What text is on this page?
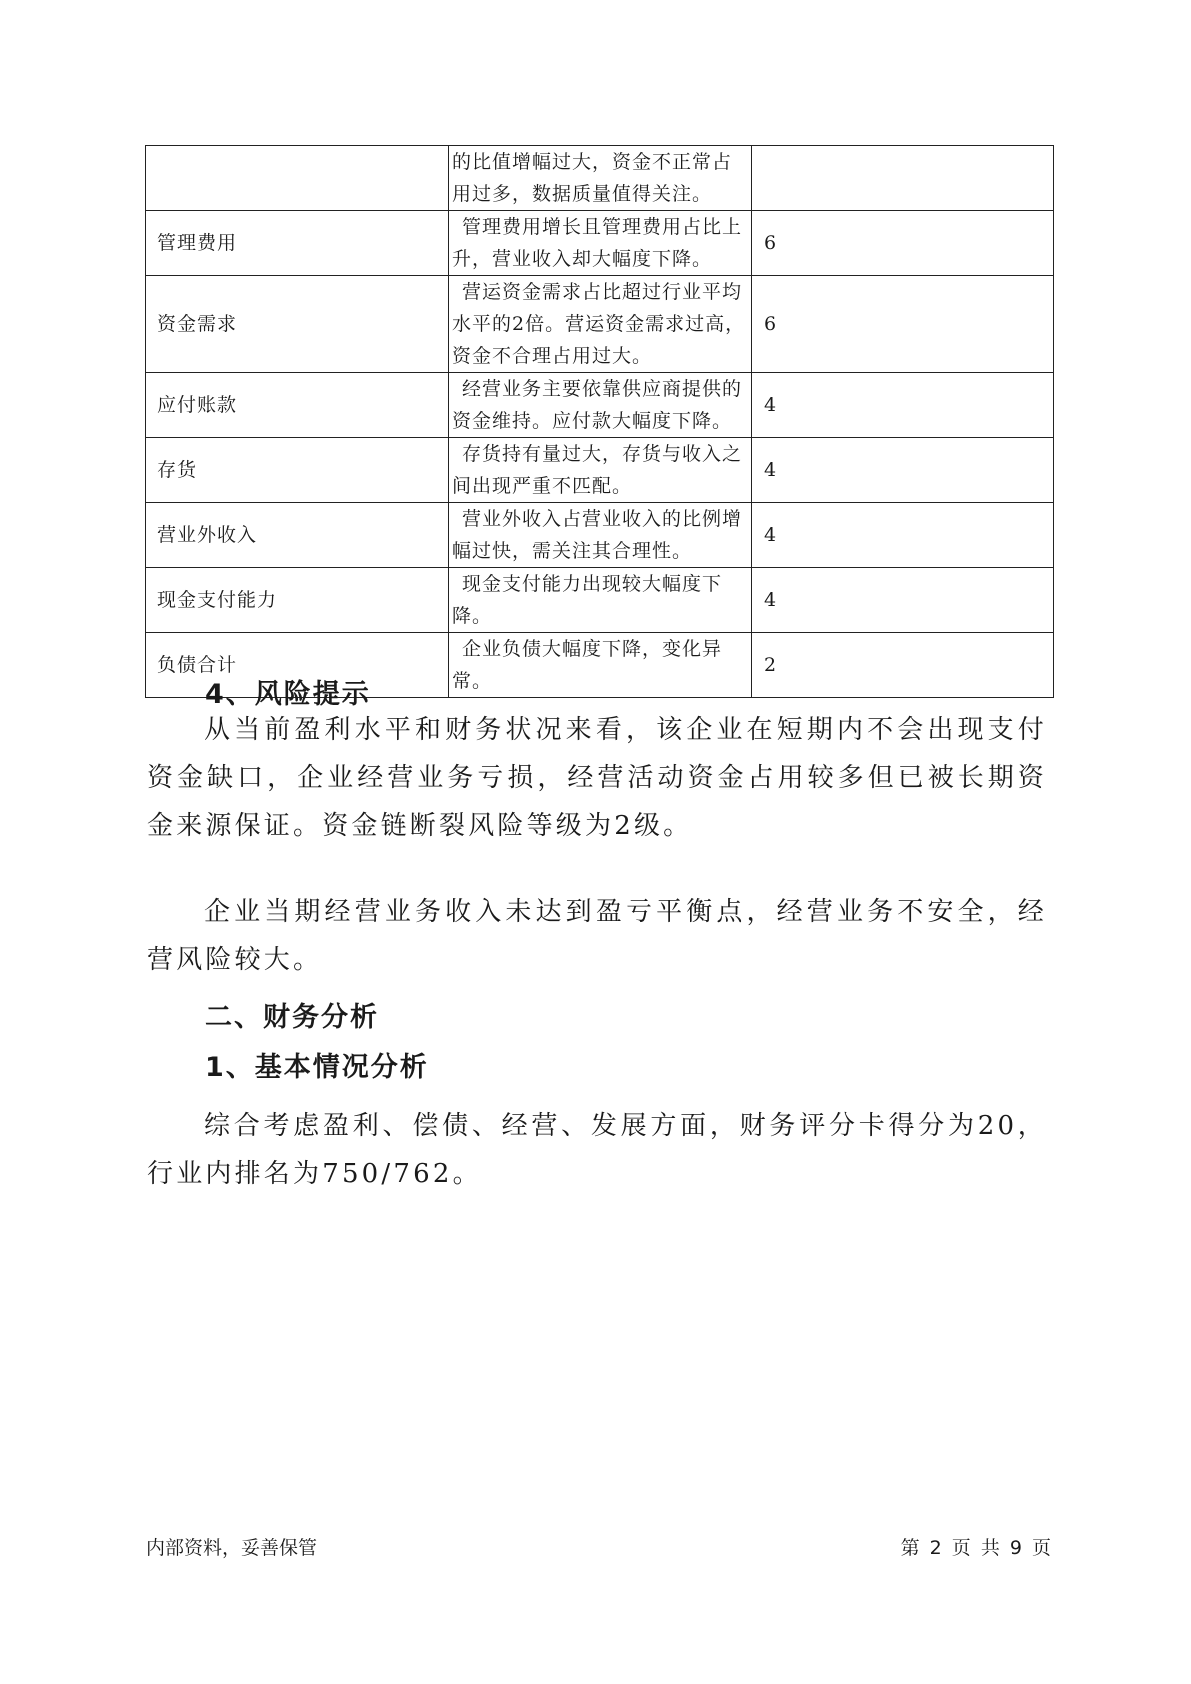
	的比值增幅过大，资金不正常占用过多，数据质量值得关注。	
管理费用	管理费用增长且管理费用占比上升，营业收入却大幅度下降。	6
资金需求	营运资金需求占比超过行业平均水平的2倍。营运资金需求过高，资金不合理占用过大。	6
应付账款	经营业务主要依靠供应商提供的资金维持。应付款大幅度下降。	4
存货	存货持有量过大，存货与收入之间出现严重不匹配。	4
营业外收入	营业外收入占营业收入的比例增幅过快，需关注其合理性。	4
现金支付能力	现金支付能力出现较大幅度下降。	4
负债合计	企业负债大幅度下降，变化异常。	2
4、风险提示

从当前盈利水平和财务状况来看，该企业在短期内不会出现支付资金缺口，企业经营业务亏损，经营活动资金占用较多但已被长期资金来源保证。资金链断裂风险等级为2级。

企业当期经营业务收入未达到盈亏平衡点，经营业务不安全，经营风险较大。

二、财务分析
1、基本情况分析

综合考虑盈利、偿债、经营、发展方面，财务评分卡得分为20，行业内排名为750/762。

内部资料，妥善保管	第 2 页 共 9 页
